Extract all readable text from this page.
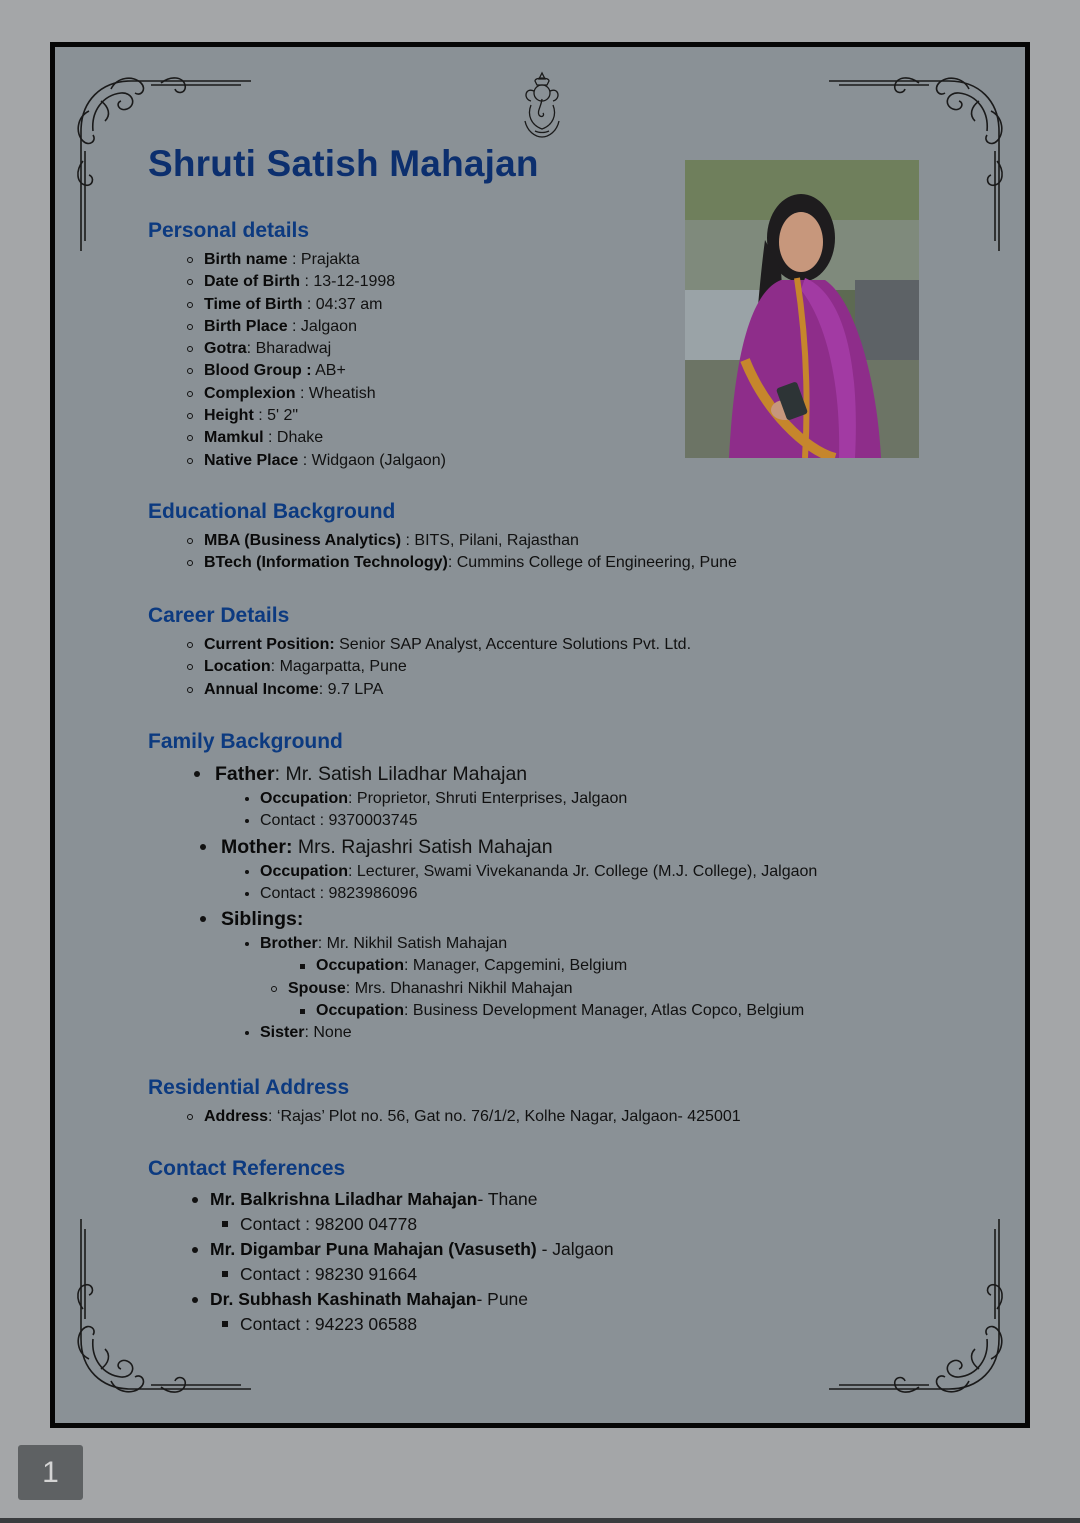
Shruti Satish Mahajan
Personal details
Birth name : Prajakta
Date of Birth : 13-12-1998
Time of Birth : 04:37 am
Birth Place : Jalgaon
Gotra: Bharadwaj
Blood Group : AB+
Complexion : Wheatish
Height : 5' 2"
Mamkul : Dhake
Native Place : Widgaon (Jalgaon)
Educational Background
MBA (Business Analytics) : BITS, Pilani, Rajasthan
BTech (Information Technology): Cummins College of Engineering, Pune
Career Details
Current Position: Senior SAP Analyst, Accenture Solutions Pvt. Ltd.
Location: Magarpatta, Pune
Annual Income: 9.7 LPA
Family Background
Father: Mr. Satish Liladhar Mahajan
Occupation: Proprietor, Shruti Enterprises, Jalgaon
Contact : 9370003745
Mother: Mrs. Rajashri Satish Mahajan
Occupation: Lecturer, Swami Vivekananda Jr. College (M.J. College), Jalgaon
Contact : 9823986096
Siblings:
Brother: Mr. Nikhil Satish Mahajan
Occupation: Manager, Capgemini, Belgium
Spouse: Mrs. Dhanashri Nikhil Mahajan
Occupation: Business Development Manager, Atlas Copco, Belgium
Sister: None
Residential Address
Address: ‘Rajas’ Plot no. 56, Gat no. 76/1/2, Kolhe Nagar, Jalgaon- 425001
Contact References
Mr. Balkrishna Liladhar Mahajan- Thane
Contact : 98200 04778
Mr. Digambar Puna Mahajan (Vasuseth) - Jalgaon
Contact : 98230 91664
Dr. Subhash Kashinath Mahajan- Pune
Contact : 94223 06588
1
